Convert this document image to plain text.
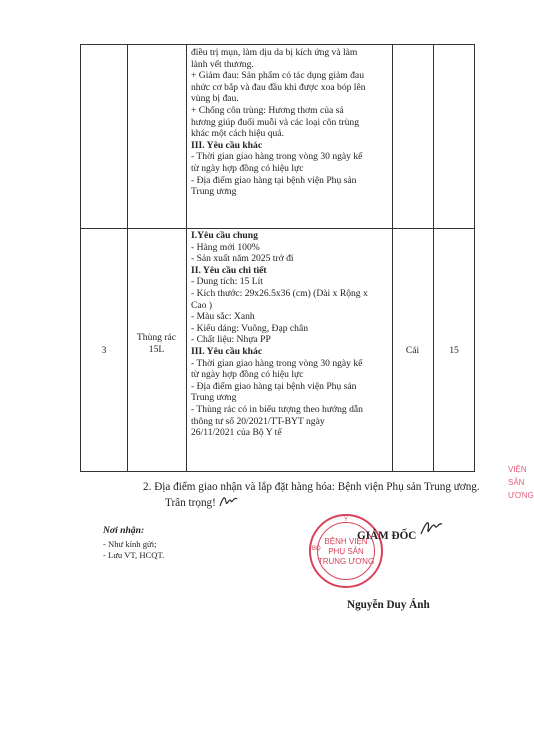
điều trị mụn, làm dịu da bị kích ứng và làm
lành vết thương.
+ Giảm đau: Sản phẩm có tác dụng giảm đau
nhức cơ bắp và đau đầu khi được xoa bóp lên
vùng bị đau.
+ Chống côn trùng: Hương thơm của sả
hương giúp đuổi muỗi và các loại côn trùng
khác một cách hiệu quả.
III. Yêu cầu khác
- Thời gian giao hàng trong vòng 30 ngày kể
từ ngày hợp đồng có hiệu lực
- Địa điểm giao hàng tại bệnh viện Phụ sản
Trung ương
3
Thùng rác
15L
I.Yêu cầu chung
- Hàng mới 100%
- Sản xuất năm 2025 trở đi
II. Yêu cầu chi tiết
- Dung tích: 15 Lít
- Kích thước: 29x26.5x36 (cm) (Dài x Rộng x
Cao )
- Màu sắc: Xanh
- Kiểu dáng: Vuông, Đạp chân
- Chất liệu: Nhựa PP
III. Yêu cầu khác
- Thời gian giao hàng trong vòng 30 ngày kể
từ ngày hợp đồng có hiệu lực
- Địa điểm giao hàng tại bệnh viện Phụ sản
Trung ương
- Thùng rác có in biểu tượng theo hướng dẫn
thông tư số 20/2021/TT-BYT ngày
26/11/2021 của Bộ Y tế
Cái	15
2. Địa điểm giao nhận và lắp đặt hàng hóa: Bệnh viện Phụ sản Trung ương.
Trân trọng!
Nơi nhận:
- Như kính gửi;
- Lưu VT, HCQT.
Y
BỘ
BỆNH VIỆN
PHỤ SẢN
TRUNG ƯƠNG
GIÁM ĐỐC
Nguyễn Duy Ánh
VIỆN
SẢN
ƯƠNG
